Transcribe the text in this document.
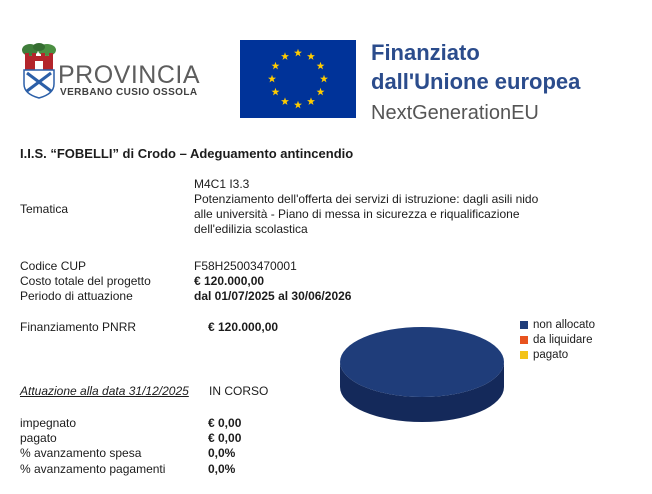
PROVINCIA
VERBANO CUSIO OSSOLA
Finanziato
dall'Unione europea
NextGenerationEU
I.I.S. “FOBELLI” di Crodo – Adeguamento antincendio
Tematica
M4C1 I3.3
Potenziamento dell'offerta dei servizi di istruzione: dagli asili nido
alle università - Piano di messa in sicurezza e riqualificazione
dell'edilizia scolastica
Codice CUP	F58H25003470001
Costo totale del progetto	€ 120.000,00
Periodo di attuazione	dal 01/07/2025 al 30/06/2026
Finanziamento PNRR	€ 120.000,00	non allocato
da liquidare
pagato
Attuazione alla data 31/12/2025 IN CORSO
impegnato	€ 0,00
pagato	€ 0,00
% avanzamento spesa	0,0%
% avanzamento pagamenti	0,0%
